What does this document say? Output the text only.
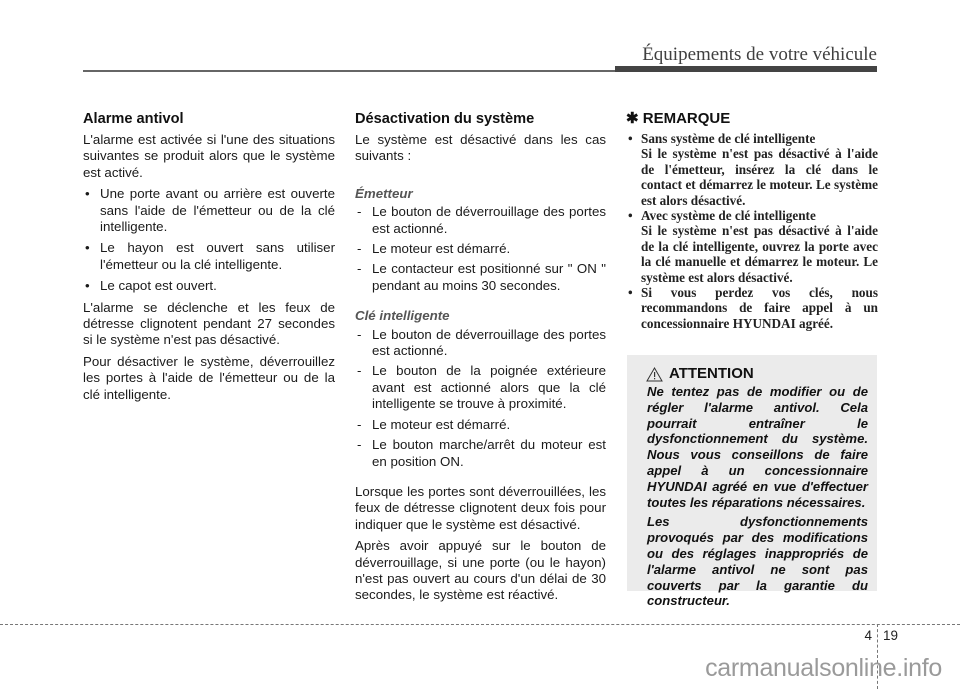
Équipements de votre véhicule
Alarme antivol

L'alarme est activée si l'une des situations suivantes se produit alors que le système est activé.

• Une porte avant ou arrière est ouverte sans l'aide de l'émetteur ou de la clé intelligente.
• Le hayon est ouvert sans utiliser l'émetteur ou la clé intelligente.
• Le capot est ouvert.

L'alarme se déclenche et les feux de détresse clignotent pendant 27 secondes si le système n'est pas désactivé.

Pour désactiver le système, déverrouillez les portes à l'aide de l'émetteur ou de la clé intelligente.

Désactivation du système

Le système est désactivé dans les cas suivants :

Émetteur
- Le bouton de déverrouillage des portes est actionné.
- Le moteur est démarré.
- Le contacteur est positionné sur " ON " pendant au moins 30 secondes.
Clé intelligente
- Le bouton de déverrouillage des portes est actionné.
- Le bouton de la poignée extérieure avant est actionné alors que la clé intelligente se trouve à proximité.
- Le moteur est démarré.
- Le bouton marche/arrêt du moteur est en position ON.

Lorsque les portes sont déverrouillées, les feux de détresse clignotent deux fois pour indiquer que le système est désactivé.

Après avoir appuyé sur le bouton de déverrouillage, si une porte (ou le hayon) n'est pas ouvert au cours d'un délai de 30 secondes, le système est réactivé.

✱ REMARQUE
• Sans système de clé intelligente
Si le système n'est pas désactivé à l'aide de l'émetteur, insérez la clé dans le contact et démarrez le moteur. Le système est alors désactivé.
• Avec système de clé intelligente
Si le système n'est pas désactivé à l'aide de la clé intelligente, ouvrez la porte avec la clé manuelle et démarrez le moteur. Le système est alors désactivé.
• Si vous perdez vos clés, nous recommandons de faire appel à un concessionnaire HYUNDAI agréé.
ATTENTION

Ne tentez pas de modifier ou de régler l'alarme antivol. Cela pourrait entraîner le dysfonctionnement du système. Nous vous conseillons de faire appel à un concessionnaire HYUNDAI agréé en vue d'effectuer toutes les réparations nécessaires.

Les dysfonctionnements provoqués par des modifications ou des réglages inappropriés de l'alarme antivol ne sont pas couverts par la garantie du constructeur.

4 19
carmanualsonline.info
